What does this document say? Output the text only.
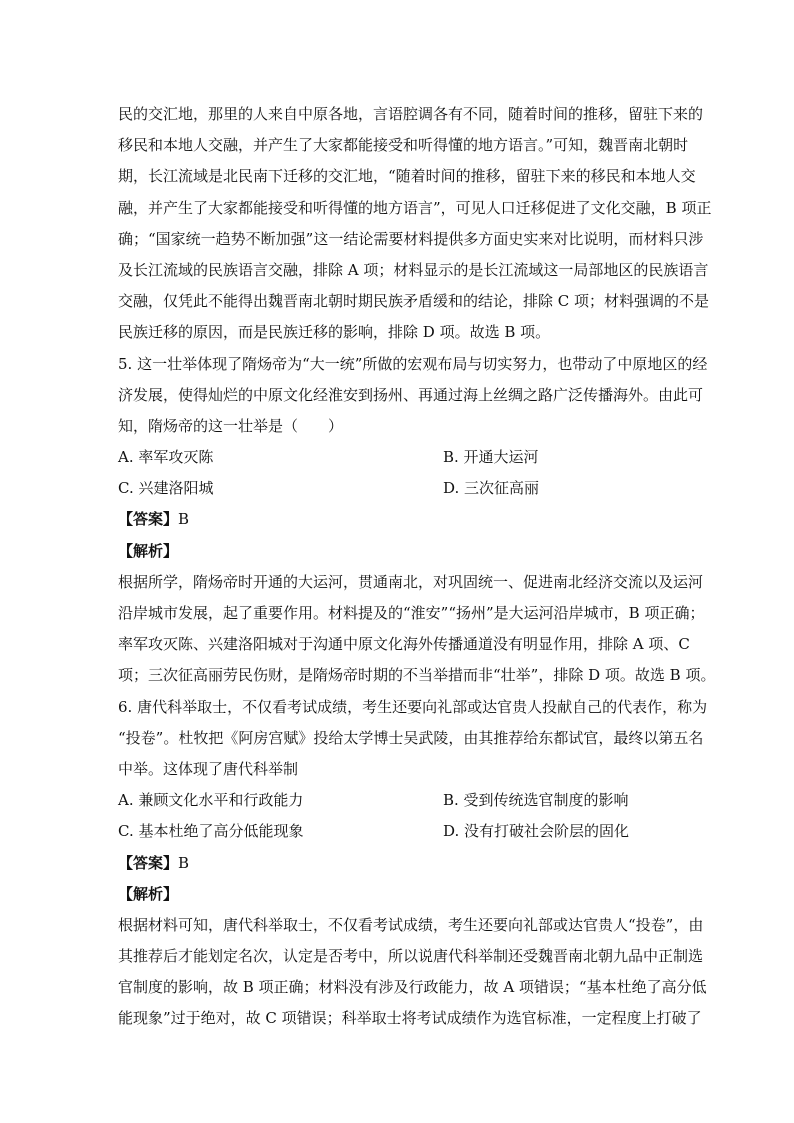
民的交汇地，那里的人来自中原各地，言语腔调各有不同，随着时间的推移，留驻下来的
移民和本地人交融，并产生了大家都能接受和听得懂的地方语言。”可知，魏晋南北朝时
期，长江流域是北民南下迁移的交汇地，“随着时间的推移，留驻下来的移民和本地人交
融，并产生了大家都能接受和听得懂的地方语言”，可见人口迁移促进了文化交融，B 项正
确；“国家统一趋势不断加强”这一结论需要材料提供多方面史实来对比说明，而材料只涉
及长江流域的民族语言交融，排除 A 项；材料显示的是长江流域这一局部地区的民族语言
交融，仅凭此不能得出魏晋南北朝时期民族矛盾缓和的结论，排除 C 项；材料强调的不是
民族迁移的原因，而是民族迁移的影响，排除 D 项。故选 B 项。
5. 这一壮举体现了隋炀帝为“大一统”所做的宏观布局与切实努力，也带动了中原地区的经
济发展，使得灿烂的中原文化经淮安到扬州、再通过海上丝绸之路广泛传播海外。由此可
知，隋炀帝的这一壮举是（　　）
A. 率军攻灭陈	B. 开通大运河
C. 兴建洛阳城	D. 三次征高丽
【答案】B
【解析】
根据所学，隋炀帝时开通的大运河，贯通南北，对巩固统一、促进南北经济交流以及运河
沿岸城市发展，起了重要作用。材料提及的“淮安”“扬州”是大运河沿岸城市，B 项正确；
率军攻灭陈、兴建洛阳城对于沟通中原文化海外传播通道没有明显作用，排除 A 项、C
项；三次征高丽劳民伤财，是隋炀帝时期的不当举措而非“壮举”，排除 D 项。故选 B 项。
6. 唐代科举取士，不仅看考试成绩，考生还要向礼部或达官贵人投献自己的代表作，称为
“投卷”。杜牧把《阿房宫赋》投给太学博士吴武陵，由其推荐给东都试官，最终以第五名
中举。这体现了唐代科举制
A. 兼顾文化水平和行政能力	B. 受到传统选官制度的影响
C. 基本杜绝了高分低能现象	D. 没有打破社会阶层的固化
【答案】B
【解析】
根据材料可知，唐代科举取士，不仅看考试成绩，考生还要向礼部或达官贵人“投卷”，由
其推荐后才能划定名次，认定是否考中，所以说唐代科举制还受魏晋南北朝九品中正制选
官制度的影响，故 B 项正确；材料没有涉及行政能力，故 A 项错误；“基本杜绝了高分低
能现象”过于绝对，故 C 项错误；科举取士将考试成绩作为选官标准，一定程度上打破了
